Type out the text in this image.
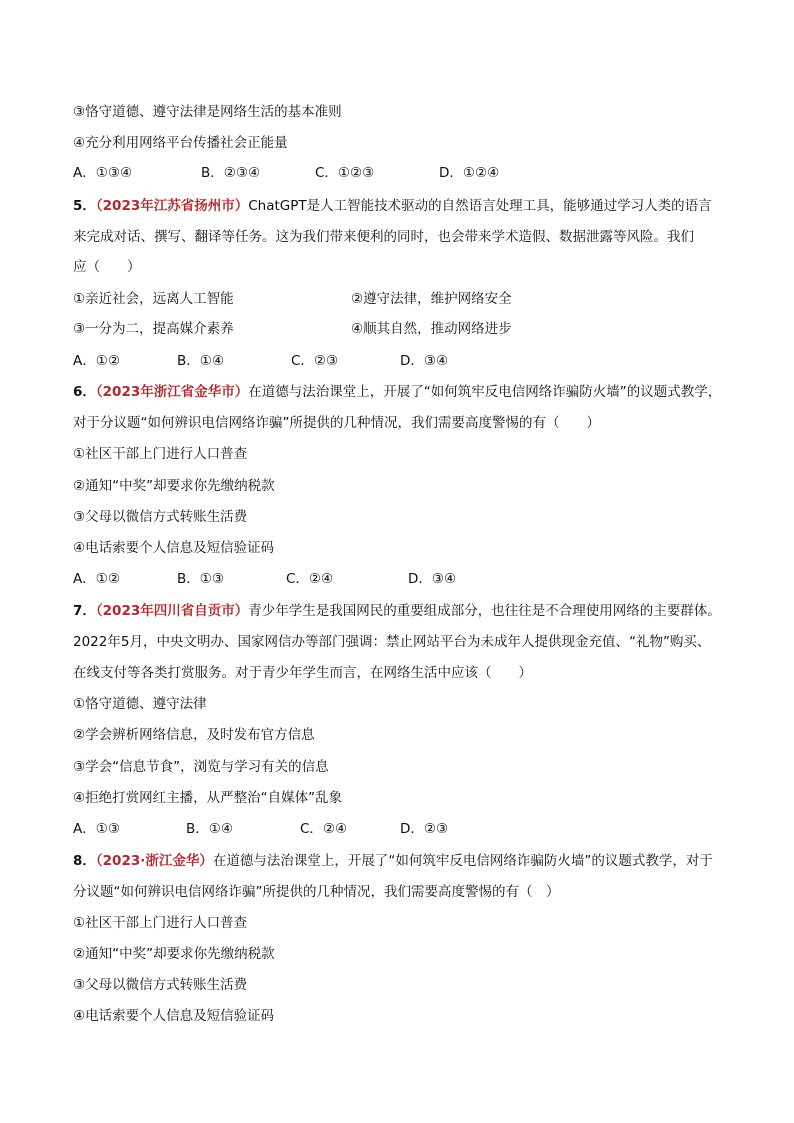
③恪守道德、遵守法律是网络生活的基本准则
④充分利用网络平台传播社会正能量
A．①③④	B．②③④	C．①②③	D．①②④
5．（2023年江苏省扬州市）ChatGPT是人工智能技术驱动的自然语言处理工具，能够通过学习人类的语言
来完成对话、撰写、翻译等任务。这为我们带来便利的同时，也会带来学术造假、数据泄露等风险。我们
应（　　）
①亲近社会，远离人工智能	②遵守法律，维护网络安全
③一分为二，提高媒介素养	④顺其自然，推动网络进步
A．①②	B．①④	C．②③	D．③④
6．（2023年浙江省金华市）在道德与法治课堂上，开展了“如何筑牢反电信网络诈骗防火墙”的议题式教学，
对于分议题“如何辨识电信网络诈骗”所提供的几种情况，我们需要高度警惕的有（　　）
①社区干部上门进行人口普查
②通知“中奖”却要求你先缴纳税款
③父母以微信方式转账生活费
④电话索要个人信息及短信验证码
A．①②	B．①③	C．②④	D．③④
7．（2023年四川省自贡市）青少年学生是我国网民的重要组成部分，也往往是不合理使用网络的主要群体。
2022年5月，中央文明办、国家网信办等部门强调：禁止网站平台为未成年人提供现金充值、“礼物”购买、
在线支付等各类打赏服务。对于青少年学生而言，在网络生活中应该（　　）
①恪守道德、遵守法律
②学会辨析网络信息，及时发布官方信息
③学会“信息节食”，浏览与学习有关的信息
④拒绝打赏网红主播，从严整治“自媒体”乱象
A．①③	B．①④	C．②④	D．②③
8．（2023·浙江金华）在道德与法治课堂上，开展了“如何筑牢反电信网络诈骗防火墙”的议题式教学，对于
分议题“如何辨识电信网络诈骗”所提供的几种情况，我们需要高度警惕的有（　）
①社区干部上门进行人口普查
②通知“中奖”却要求你先缴纳税款
③父母以微信方式转账生活费
④电话索要个人信息及短信验证码
